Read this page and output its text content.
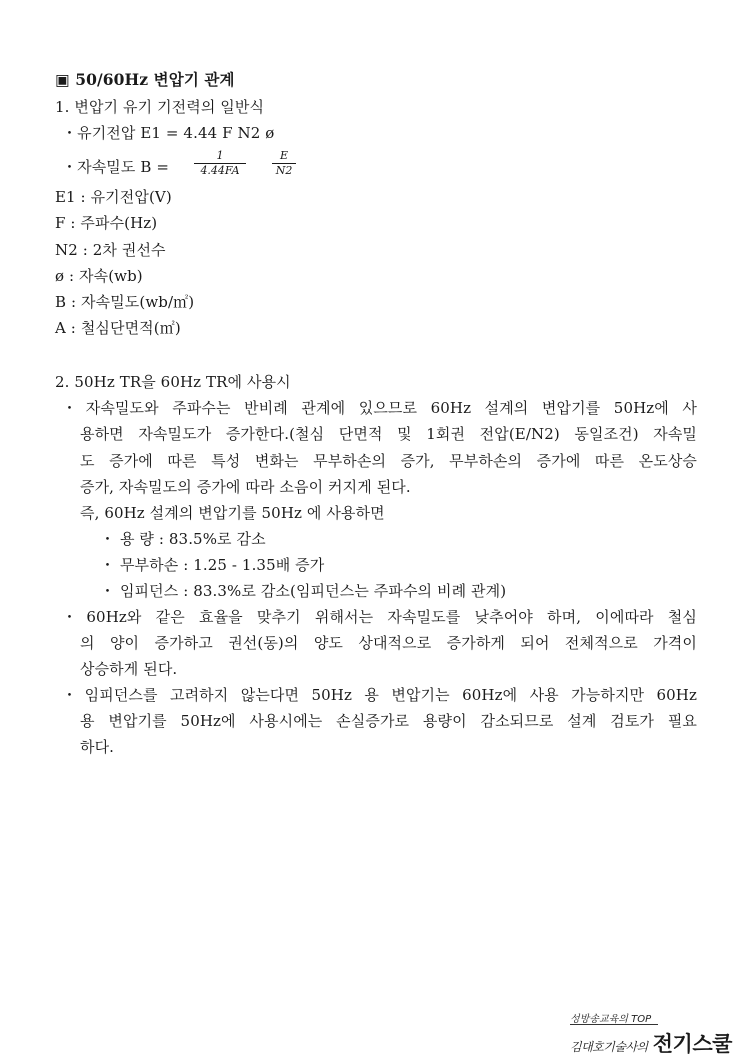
▣ 50/60Hz 변압기 관계
1. 변압기 유기 기전력의 일반식
・유기전압 E1 = 4.44 F N2 ø
・자속밀도 B =
1
4.44FA
E
N2
E1 : 유기전압(V)
F : 주파수(Hz)
N2 : 2차 권선수
ø : 자속(wb)
B : 자속밀도(wb/㎡)
A : 철심단면적(㎡)
2. 50Hz TR을 60Hz TR에 사용시
・자속밀도와 주파수는 반비례 관계에 있으므로 60Hz 설계의 변압기를 50Hz에 사
용하면 자속밀도가 증가한다.(철심 단면적 및 1회권 전압(E/N2) 동일조건) 자속밀
도 증가에 따른 특성 변화는 무부하손의 증가, 무부하손의 증가에 따른 온도상승
증가, 자속밀도의 증가에 따라 소음이 커지게 된다.
즉, 60Hz 설계의 변압기를 50Hz 에 사용하면
・ 용 량 : 83.5%로 감소
・ 무부하손 : 1.25 - 1.35배 증가
・ 임피던스 : 83.3%로 감소(임피던스는 주파수의 비례 관계)
・60Hz와 같은 효율을 맞추기 위해서는 자속밀도를 낮추어야 하며, 이에따라 철심
의 양이 증가하고 권선(동)의 양도 상대적으로 증가하게 되어 전체적으로 가격이
상승하게 된다.
・임피던스를 고려하지 않는다면 50Hz 용 변압기는 60Hz에 사용 가능하지만 60Hz
용 변압기를 50Hz에 사용시에는 손실증가로 용량이 감소되므로 설계 검토가 필요
하다.
성방송교육의 TOP
김대호기술사의 전기스쿨
